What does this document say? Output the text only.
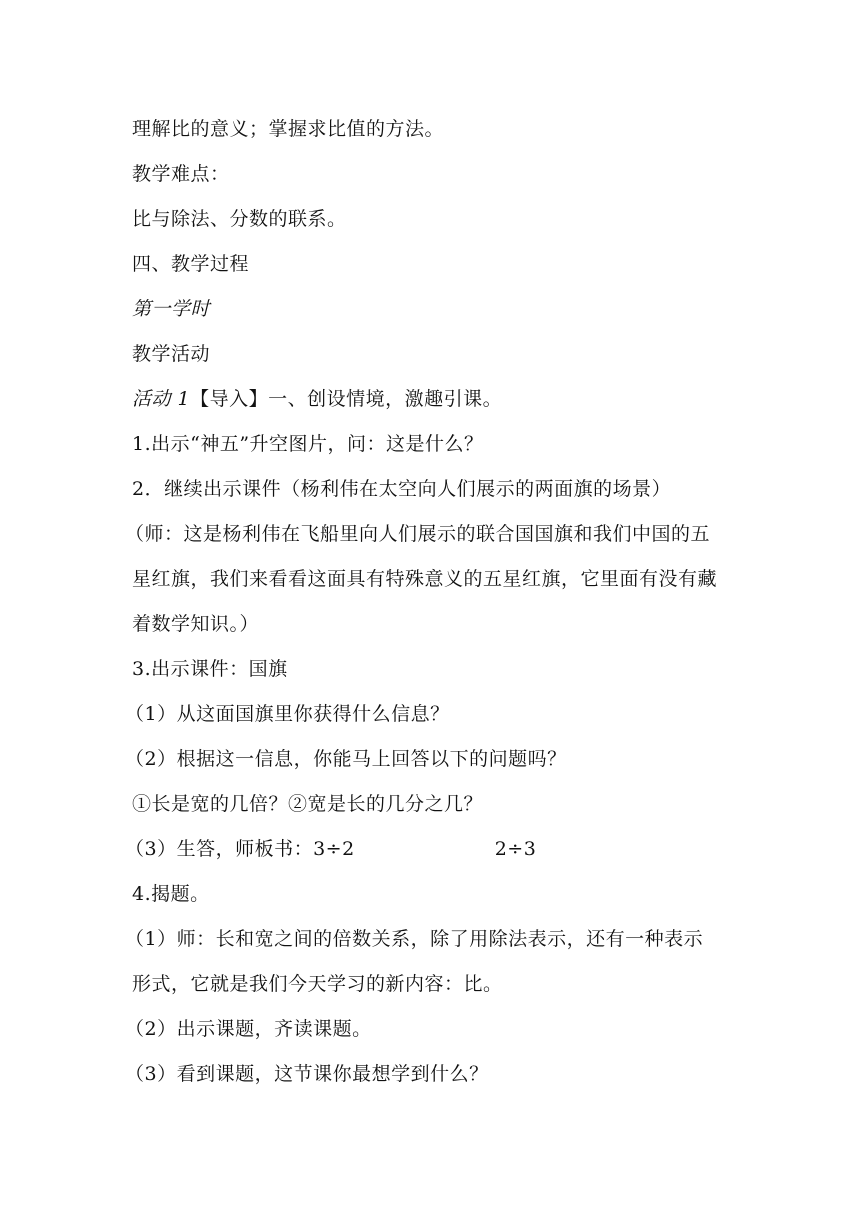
理解比的意义；掌握求比值的方法。
教学难点：
比与除法、分数的联系。
四、教学过程
第一学时
教学活动
活动 1【导入】一、创设情境，激趣引课。
1.出示“神五”升空图片，问：这是什么？
2．继续出示课件（杨利伟在太空向人们展示的两面旗的场景）
（师：这是杨利伟在飞船里向人们展示的联合国国旗和我们中国的五
星红旗，我们来看看这面具有特殊意义的五星红旗，它里面有没有藏
着数学知识。）
3.出示课件：国旗
（1）从这面国旗里你获得什么信息？
（2）根据这一信息，你能马上回答以下的问题吗？
①长是宽的几倍？②宽是长的几分之几？
（3）生答，师板书：3÷2	2÷3
4.揭题。
（1）师：长和宽之间的倍数关系，除了用除法表示，还有一种表示
形式，它就是我们今天学习的新内容：比。
（2）出示课题，齐读课题。
（3）看到课题，这节课你最想学到什么？
